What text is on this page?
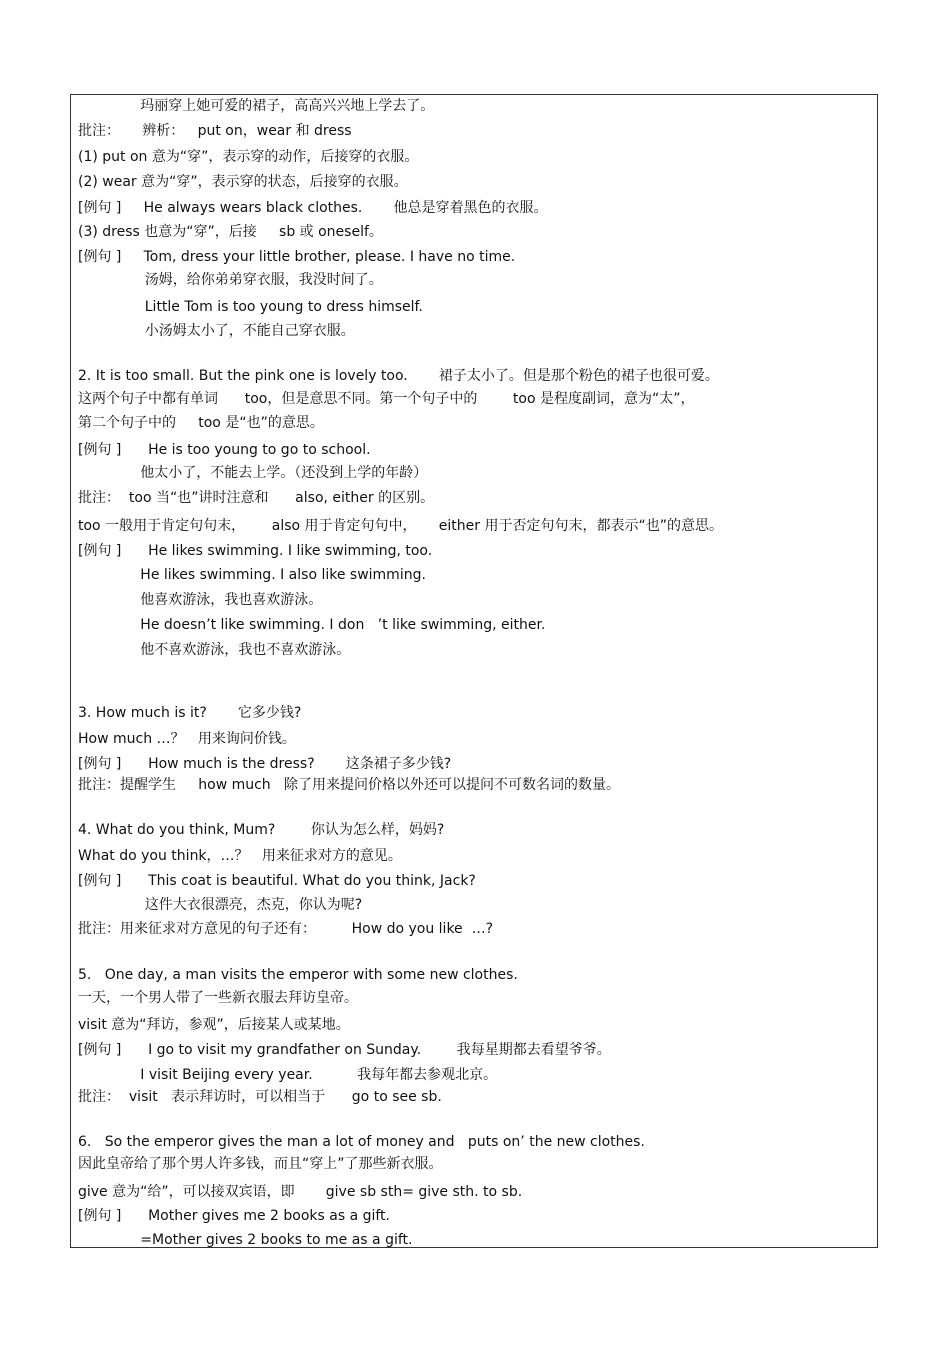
玛丽穿上她可爱的裙子，高高兴兴地上学去了。
批注：     辨析：   put on，wear 和 dress
(1) put on 意为“穿”，表示穿的动作，后接穿的衣服。
(2) wear 意为“穿”，表示穿的状态，后接穿的衣服。
[例句 ]     He always wears black clothes.       他总是穿着黑色的衣服。
(3) dress 也意为“穿”，后接     sb 或 oneself。
[例句 ]     Tom, dress your little brother, please. I have no time.
汤姆，给你弟弟穿衣服，我没时间了。
Little Tom is too young to dress himself.
小汤姆太小了，不能自己穿衣服。
2. It is too small. But the pink one is lovely too.       裙子太小了。但是那个粉色的裙子也很可爱。
这两个句子中都有单词      too，但是意思不同。第一个句子中的        too 是程度副词，意为“太”，
第二个句子中的     too 是“也”的意思。
[例句 ]      He is too young to go to school.
他太小了，不能去上学。（还没到上学的年龄）
批注：  too 当“也”讲时注意和      also, either 的区别。
too 一般用于肯定句句末，      also 用于肯定句句中，     either 用于否定句句末，都表示“也”的意思。
[例句 ]      He likes swimming. I like swimming, too.
He likes swimming. I also like swimming.
他喜欢游泳，我也喜欢游泳。
He doesn’t like swimming. I don   ’t like swimming, either.
他不喜欢游泳，我也不喜欢游泳。
3. How much is it?       它多少钱?
How much …？   用来询问价钱。
[例句 ]      How much is the dress?       这条裙子多少钱?
批注：提醒学生     how much   除了用来提问价格以外还可以提问不可数名词的数量。
4. What do you think, Mum?        你认为怎么样，妈妈?
What do you think，…？   用来征求对方的意见。
[例句 ]      This coat is beautiful. What do you think, Jack?
这件大衣很漂亮，杰克，你认为呢?
批注：用来征求对方意见的句子还有：        How do you like  …?
5.   One day, a man visits the emperor with some new clothes.
一天，一个男人带了一些新衣服去拜访皇帝。
visit 意为“拜访，参观”，后接某人或某地。
[例句 ]      I go to visit my grandfather on Sunday.        我每星期都去看望爷爷。
I visit Beijing every year.          我每年都去参观北京。
批注：  visit   表示拜访时，可以相当于      go to see sb.
6.   So the emperor gives the man a lot of money and   puts on’ the new clothes.
因此皇帝给了那个男人许多钱，而且“穿上”了那些新衣服。
give 意为“给”，可以接双宾语，即       give sb sth= give sth. to sb.
[例句 ]      Mother gives me 2 books as a gift.
=Mother gives 2 books to me as a gift.
